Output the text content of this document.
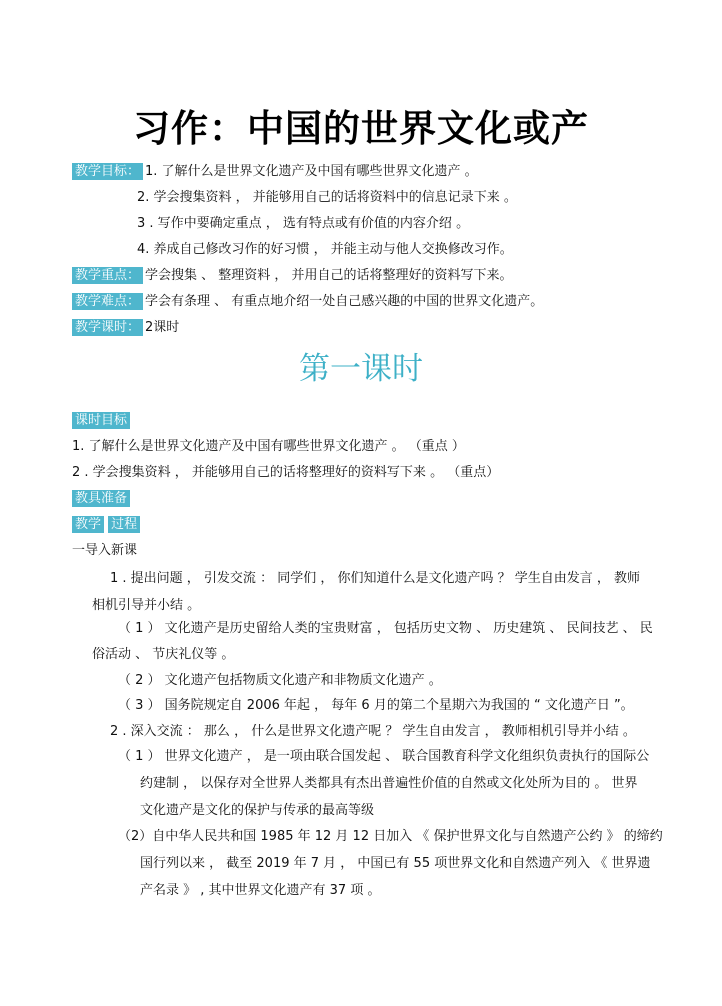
习作：中国的世界文化或产
教学目标： 1. 了解什么是世界文化遗产及中国有哪些世界文化遗产 。
2. 学会搜集资料 ， 并能够用自己的话将资料中的信息记录下来 。
3 . 写作中要确定重点 ， 选有特点或有价值的内容介绍 。
4. 养成自己修改习作的好习惯 ， 并能主动与他人交换修改习作。
教学重点： 学会搜集 、 整理资料 ， 并用自己的话将整理好的资料写下来。
教学难点： 学会有条理 、 有重点地介绍一处自己感兴趣的中国的世界文化遗产。
教学课时： 2课时
第一课时
课时目标
1. 了解什么是世界文化遗产及中国有哪些世界文化遗产 。 （重点 ）
2 . 学会搜集资料 ， 并能够用自己的话将整理好的资料写下来 。 （重点）
教具准备
教学 过程
一导入新课
1 . 提出问题 ， 引发交流 ： 同学们 ， 你们知道什么是文化遗产吗 ？ 学生自由发言 ， 教师
相机引导并小结 。
（ 1 ） 文化遗产是历史留给人类的宝贵财富 ， 包括历史文物 、 历史建筑 、 民间技艺 、 民
俗活动 、 节庆礼仪等 。
（ 2 ） 文化遗产包括物质文化遗产和非物质文化遗产 。
（ 3 ） 国务院规定自 2006 年起 ， 每年 6 月的第二个星期六为我国的 “ 文化遗产日 ”。
2 . 深入交流 ： 那么 ， 什么是世界文化遗产呢 ？ 学生自由发言 ， 教师相机引导并小结 。
（ 1 ） 世界文化遗产 ， 是一项由联合国发起 、 联合国教育科学文化组织负责执行的国际公
约建制 ， 以保存对全世界人类都具有杰出普遍性价值的自然或文化处所为目的 。 世界
文化遗产是文化的保护与传承的最高等级
（2）自中华人民共和国 1985 年 12 月 12 日加入 《 保护世界文化与自然遗产公约 》 的缔约
国行列以来 ， 截至 2019 年 7 月 ， 中国已有 55 项世界文化和自然遗产列入 《 世界遗
产名录 》 , 其中世界文化遗产有 37 项 。
